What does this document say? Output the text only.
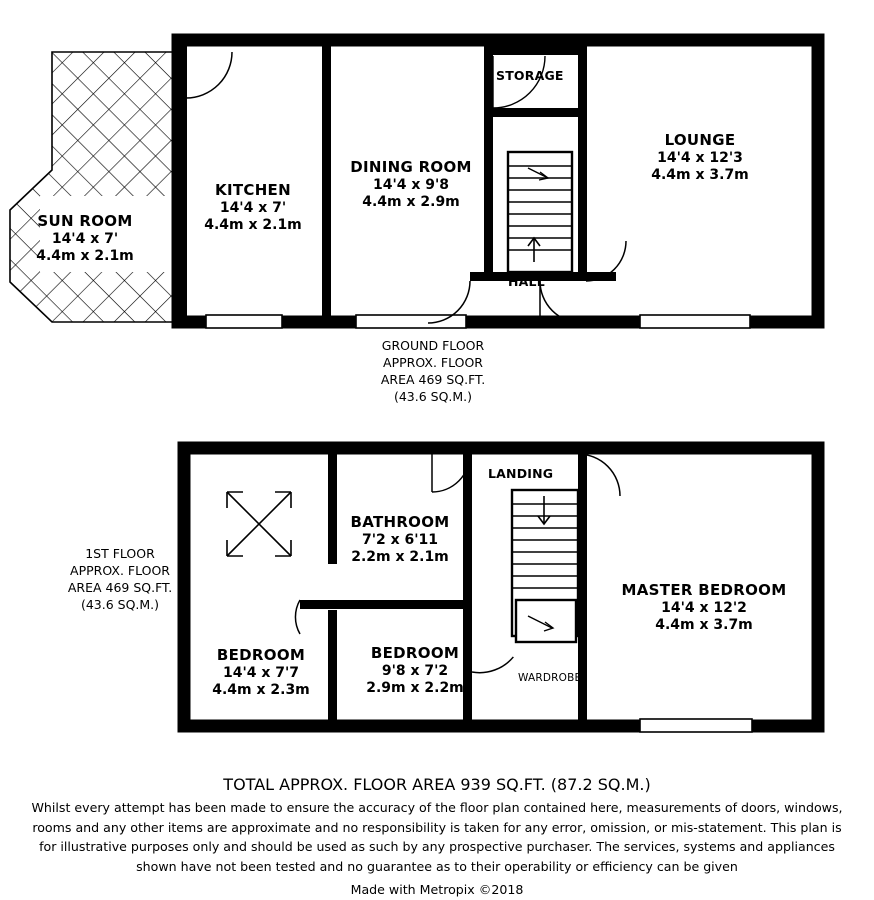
SUN ROOM
14'4 x 7'
4.4m x 2.1m
KITCHEN
14'4 x 7'
4.4m x 2.1m
DINING ROOM
14'4 x 9'8
4.4m x 2.9m
LOUNGE
14'4 x 12'3
4.4m x 3.7m
STORAGE
HALL
GROUND FLOOR
APPROX. FLOOR
AREA 469 SQ.FT.
(43.6 SQ.M.)
1ST FLOOR
APPROX. FLOOR
AREA 469 SQ.FT.
(43.6 SQ.M.)
BATHROOM
7'2 x 6'11
2.2m x 2.1m
MASTER BEDROOM
14'4 x 12'2
4.4m x 3.7m
BEDROOM
14'4 x 7'7
4.4m x 2.3m
BEDROOM
9'8 x 7'2
2.9m x 2.2m
LANDING
WARDROBE
TOTAL APPROX. FLOOR AREA 939 SQ.FT. (87.2 SQ.M.)
Whilst every attempt has been made to ensure the accuracy of the floor plan contained here, measurements of doors, windows, rooms and any other items are approximate and no responsibility is taken for any error, omission, or mis-statement. This plan is for illustrative purposes only and should be used as such by any prospective purchaser. The services, systems and appliances shown have not been tested and no guarantee as to their operability or efficiency can be given
Made with Metropix ©2018
